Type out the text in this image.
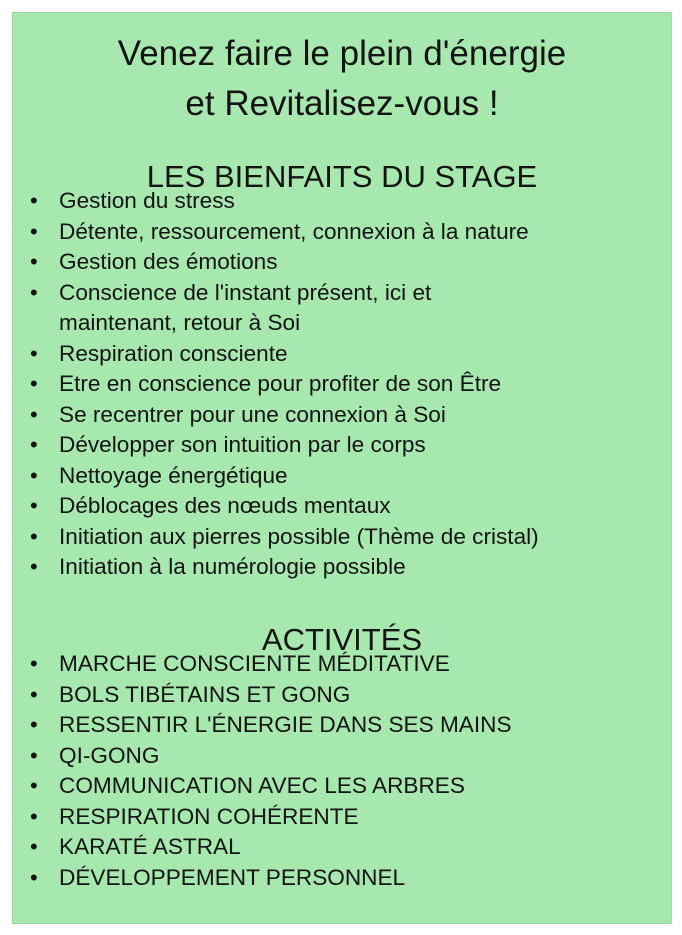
Venez faire le plein d'énergie
et Revitalisez-vous !
LES BIENFAITS DU STAGE
• Gestion du stress
• Détente, ressourcement, connexion à la nature
• Gestion des émotions
• Conscience de l'instant présent, ici et
maintenant, retour à Soi
• Respiration consciente
• Etre en conscience pour profiter de son Être
• Se recentrer pour une connexion à Soi
• Développer son intuition par le corps
• Nettoyage énergétique
• Déblocages des nœuds mentaux
• Initiation aux pierres possible (Thème de cristal)
• Initiation à la numérologie possible
ACTIVITÉS
• MARCHE CONSCIENTE MÉDITATIVE
• BOLS TIBÉTAINS ET GONG
• RESSENTIR L'ÉNERGIE DANS SES MAINS
• QI-GONG
• COMMUNICATION AVEC LES ARBRES
• RESPIRATION COHÉRENTE
• KARATÉ ASTRAL
• DÉVELOPPEMENT PERSONNEL
